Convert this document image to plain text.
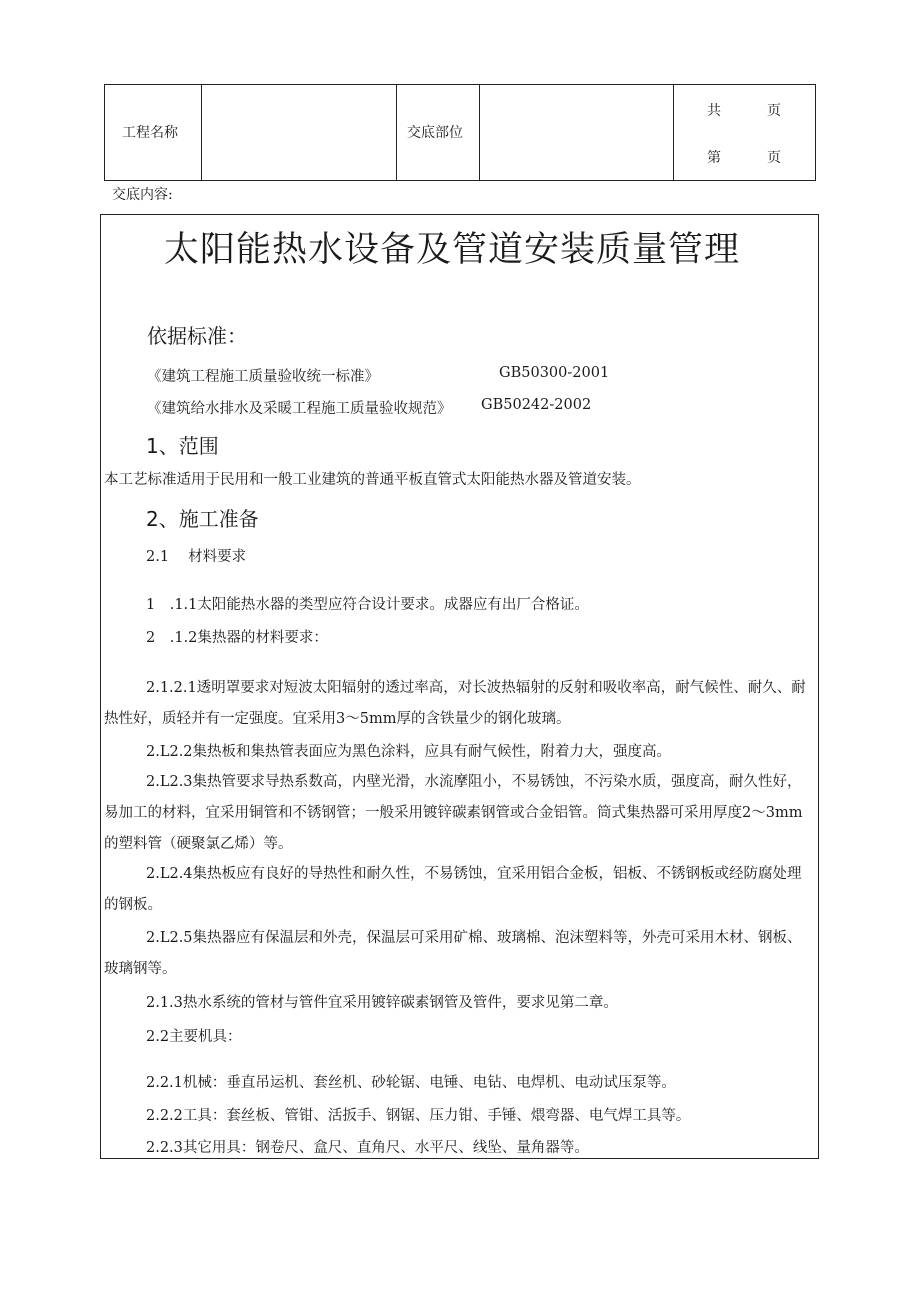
工程名称	交底部位
共	页
第	页
交底内容:
太阳能热水设备及管道安装质量管理
依据标准：
《建筑工程施工质量验收统一标准》	GB50300-2001
《建筑给水排水及采暖工程施工质量验收规范》 GB50242-2002
1、范围
本工艺标准适用于民用和一般工业建筑的普通平板直管式太阳能热水器及管道安装。
2、施工准备
2.1　 材料要求
1　.1.1太阳能热水器的类型应符合设计要求。成器应有出厂合格证。
2　.1.2集热器的材料要求：
2.1.2.1透明罩要求对短波太阳辐射的透过率高，对长波热辐射的反射和吸收率高，耐气候性、耐久、耐热性好，质轻并有一定强度。宜采用3～5mm厚的含铁量少的钢化玻璃。
2.L2.2集热板和集热管表面应为黑色涂料，应具有耐气候性，附着力大，强度高。
2.L2.3集热管要求导热系数高，内壁光滑，水流摩阻小，不易锈蚀，不污染水质，强度高，耐久性好，易加工的材料，宜采用铜管和不锈钢管；一般采用镀锌碳素钢管或合金铝管。筒式集热器可采用厚度2～3mm的塑料管（硬聚氯乙烯）等。
2.L2.4集热板应有良好的导热性和耐久性，不易锈蚀，宜采用铝合金板，铝板、不锈钢板或经防腐处理的钢板。
2.L2.5集热器应有保温层和外壳，保温层可采用矿棉、玻璃棉、泡沫塑料等，外壳可采用木材、钢板、玻璃钢等。
2.1.3热水系统的管材与管件宜采用镀锌碳素钢管及管件，要求见第二章。
2.2主要机具：
2.2.1机械：垂直吊运机、套丝机、砂轮锯、电锤、电钻、电焊机、电动试压泵等。
2.2.2工具：套丝板、管钳、活扳手、钢锯、压力钳、手锤、煨弯器、电气焊工具等。
2.2.3其它用具：钢卷尺、盒尺、直角尺、水平尺、线坠、量角器等。
